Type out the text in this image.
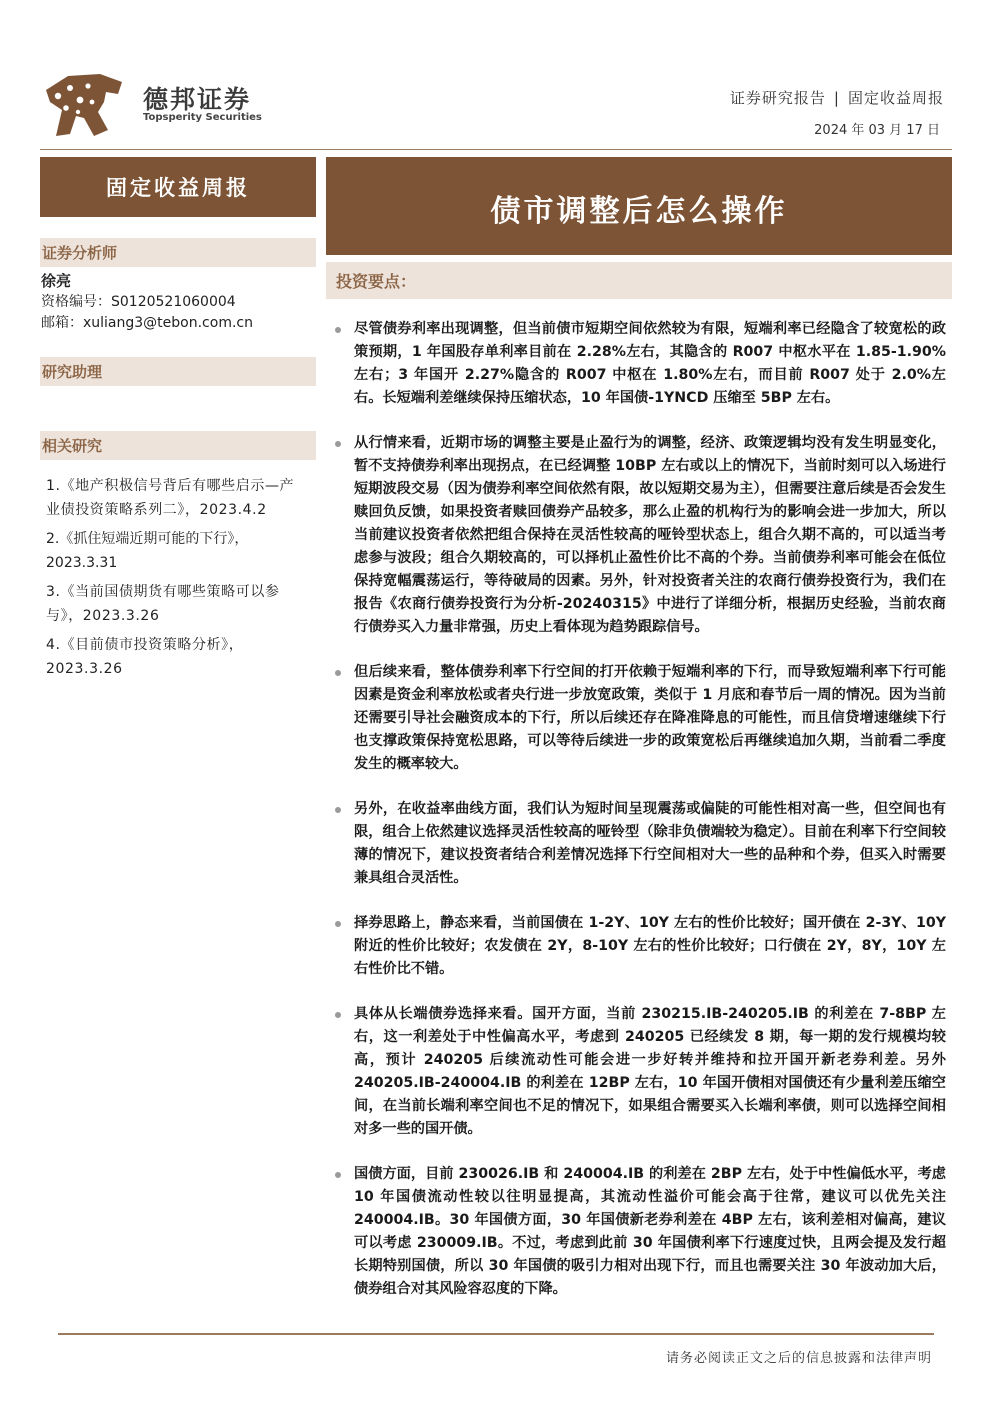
德邦证券
Topsperity Securities
证券研究报告 | 固定收益周报
2024 年 03 月 17 日
固定收益周报
证券分析师
徐亮
资格编号：S0120521060004
邮箱：xuliang3@tebon.com.cn
研究助理
相关研究
1.《地产积极信号背后有哪些启示—产业债投资策略系列二》，2023.4.2
2.《抓住短端近期可能的下行》，2023.3.31
3.《当前国债期货有哪些策略可以参与》，2023.3.26
4.《目前债市投资策略分析》，2023.3.26
债市调整后怎么操作
投资要点：
尽管债券利率出现调整，但当前债市短期空间依然较为有限，短端利率已经隐含了较宽松的政策预期，1 年国股存单利率目前在 2.28%左右，其隐含的 R007 中枢水平在 1.85-1.90%左右；3 年国开 2.27%隐含的 R007 中枢在 1.80%左右，而目前 R007 处于 2.0%左右。长短端利差继续保持压缩状态，10 年国债-1YNCD 压缩至 5BP 左右。
从行情来看，近期市场的调整主要是止盈行为的调整，经济、政策逻辑均没有发生明显变化，暂不支持债券利率出现拐点，在已经调整 10BP 左右或以上的情况下，当前时刻可以入场进行短期波段交易（因为债券利率空间依然有限，故以短期交易为主），但需要注意后续是否会发生赎回负反馈，如果投资者赎回债券产品较多，那么止盈的机构行为的影响会进一步加大，所以当前建议投资者依然把组合保持在灵活性较高的哑铃型状态上，组合久期不高的，可以适当考虑参与波段；组合久期较高的，可以择机止盈性价比不高的个券。当前债券利率可能会在低位保持宽幅震荡运行，等待破局的因素。另外，针对投资者关注的农商行债券投资行为，我们在报告《农商行债券投资行为分析-20240315》中进行了详细分析，根据历史经验，当前农商行债券买入力量非常强，历史上看体现为趋势跟踪信号。
但后续来看，整体债券利率下行空间的打开依赖于短端利率的下行，而导致短端利率下行可能因素是资金利率放松或者央行进一步放宽政策，类似于 1 月底和春节后一周的情况。因为当前还需要引导社会融资成本的下行，所以后续还存在降准降息的可能性，而且信贷增速继续下行也支撑政策保持宽松思路，可以等待后续进一步的政策宽松后再继续追加久期，当前看二季度发生的概率较大。
另外，在收益率曲线方面，我们认为短时间呈现震荡或偏陡的可能性相对高一些，但空间也有限，组合上依然建议选择灵活性较高的哑铃型（除非负债端较为稳定）。目前在利率下行空间较薄的情况下，建议投资者结合利差情况选择下行空间相对大一些的品种和个券，但买入时需要兼具组合灵活性。
择券思路上，静态来看，当前国债在 1-2Y、10Y 左右的性价比较好；国开债在 2-3Y、10Y 附近的性价比较好；农发债在 2Y，8-10Y 左右的性价比较好；口行债在 2Y，8Y，10Y 左右性价比不错。
具体从长端债券选择来看。国开方面，当前 230215.IB-240205.IB 的利差在 7-8BP 左右，这一利差处于中性偏高水平，考虑到 240205 已经续发 8 期，每一期的发行规模均较高，预计 240205 后续流动性可能会进一步好转并维持和拉开国开新老券利差。另外 240205.IB-240004.IB 的利差在 12BP 左右，10 年国开债相对国债还有少量利差压缩空间，在当前长端利率空间也不足的情况下，如果组合需要买入长端利率债，则可以选择空间相对多一些的国开债。
国债方面，目前 230026.IB 和 240004.IB 的利差在 2BP 左右，处于中性偏低水平，考虑 10 年国债流动性较以往明显提高，其流动性溢价可能会高于往常，建议可以优先关注 240004.IB。30 年国债方面，30 年国债新老券利差在 4BP 左右，该利差相对偏高，建议可以考虑 230009.IB。不过，考虑到此前 30 年国债利率下行速度过快，且两会提及发行超长期特别国债，所以 30 年国债的吸引力相对出现下行，而且也需要关注 30 年波动加大后，债券组合对其风险容忍度的下降。
请务必阅读正文之后的信息披露和法律声明
